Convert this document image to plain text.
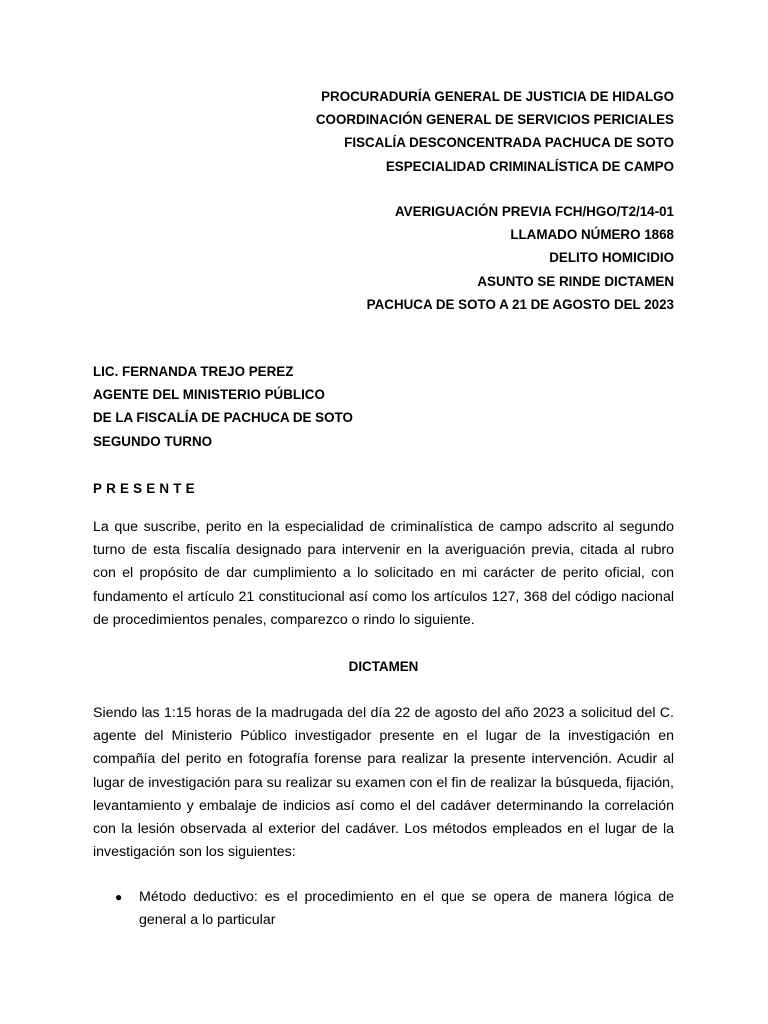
PROCURADURÍA GENERAL DE JUSTICIA DE HIDALGO
COORDINACIÓN GENERAL DE SERVICIOS PERICIALES
FISCALÍA DESCONCENTRADA PACHUCA DE SOTO
ESPECIALIDAD CRIMINALÍSTICA DE CAMPO
AVERIGUACIÓN PREVIA FCH/HGO/T2/14-01
LLAMADO NÚMERO 1868
DELITO HOMICIDIO
ASUNTO SE RINDE DICTAMEN
PACHUCA DE SOTO A 21 DE AGOSTO DEL 2023
LIC. FERNANDA TREJO PEREZ
AGENTE DEL MINISTERIO PÚBLICO
DE LA FISCALÍA DE PACHUCA DE SOTO
SEGUNDO TURNO
PRESENTE

La que suscribe, perito en la especialidad de criminalística de campo adscrito al segundo turno de esta fiscalía designado para intervenir en la averiguación previa, citada al rubro con el propósito de dar cumplimiento a lo solicitado en mi carácter de perito oficial, con fundamento el artículo 21 constitucional así como los artículos 127, 368 del código nacional de procedimientos penales, comparezco o rindo lo siguiente.

DICTAMEN

Siendo las 1:15 horas de la madrugada del día 22 de agosto del año 2023 a solicitud del C. agente del Ministerio Público investigador presente en el lugar de la investigación en compañía del perito en fotografía forense para realizar la presente intervención. Acudir al lugar de investigación para su realizar su examen con el fin de realizar la búsqueda, fijación, levantamiento y embalaje de indicios así como el del cadáver determinando la correlación con la lesión observada al exterior del cadáver. Los métodos empleados en el lugar de la investigación son los siguientes:

● Método deductivo: es el procedimiento en el que se opera de manera lógica de general a lo particular
